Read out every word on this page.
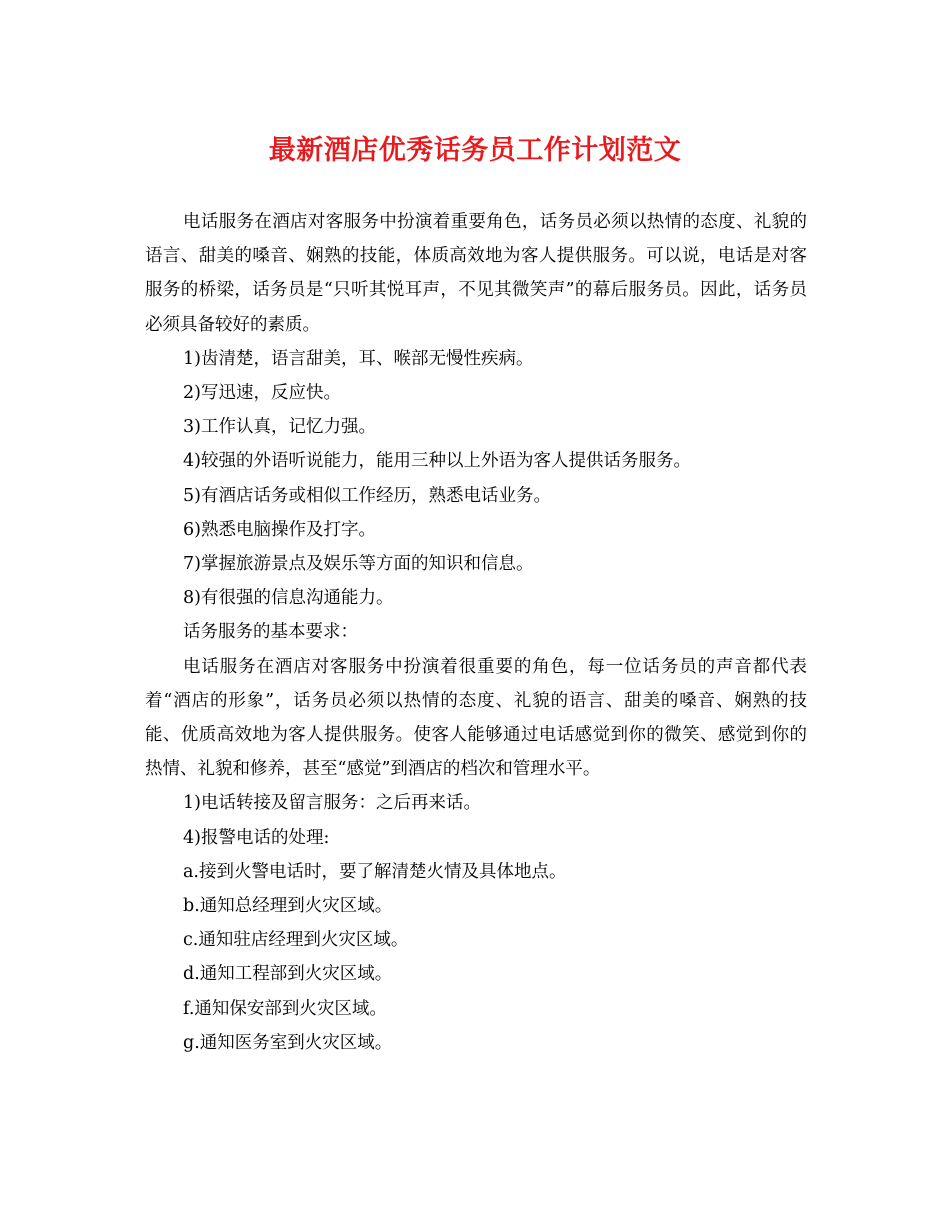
最新酒店优秀话务员工作计划范文

电话服务在酒店对客服务中扮演着重要角色，话务员必须以热情的态度、礼貌的语言、甜美的嗓音、娴熟的技能，体质高效地为客人提供服务。可以说，电话是对客服务的桥梁，话务员是“只听其悦耳声，不见其微笑声”的幕后服务员。因此，话务员必须具备较好的素质。

1)齿清楚，语言甜美，耳、喉部无慢性疾病。
2)写迅速，反应快。
3)工作认真，记忆力强。
4)较强的外语听说能力，能用三种以上外语为客人提供话务服务。
5)有酒店话务或相似工作经历，熟悉电话业务。
6)熟悉电脑操作及打字。
7)掌握旅游景点及娱乐等方面的知识和信息。
8)有很强的信息沟通能力。
话务服务的基本要求：

电话服务在酒店对客服务中扮演着很重要的角色，每一位话务员的声音都代表着“酒店的形象”，话务员必须以热情的态度、礼貌的语言、甜美的嗓音、娴熟的技能、优质高效地为客人提供服务。使客人能够通过电话感觉到你的微笑、感觉到你的热情、礼貌和修养，甚至“感觉”到酒店的档次和管理水平。

1)电话转接及留言服务：之后再来话。
4)报警电话的处理:
a.接到火警电话时，要了解清楚火情及具体地点。
b.通知总经理到火灾区域。
c.通知驻店经理到火灾区域。
d.通知工程部到火灾区域。
f.通知保安部到火灾区域。
g.通知医务室到火灾区域。
